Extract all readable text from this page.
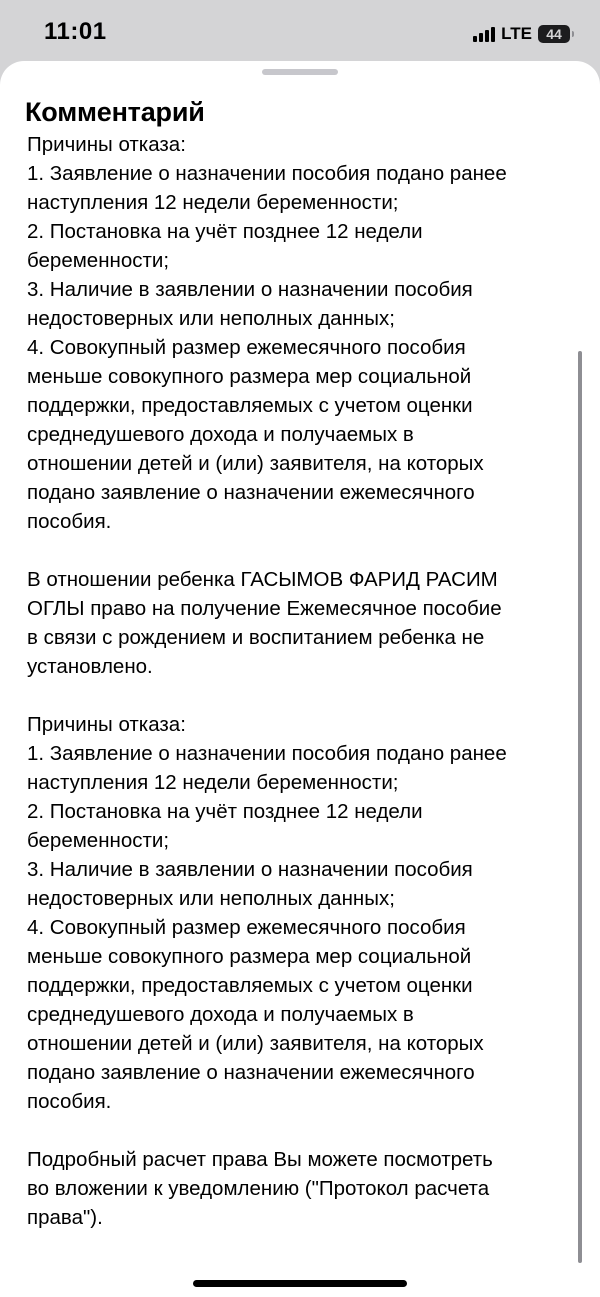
11:01	LTE 44
Комментарий

Причины отказа:
1. Заявление о назначении пособия подано ранее
наступления 12 недели беременности;
2. Постановка на учёт позднее 12 недели
беременности;
3. Наличие в заявлении о назначении пособия
недостоверных или неполных данных;
4. Совокупный размер ежемесячного пособия
меньше совокупного размера мер социальной
поддержки, предоставляемых с учетом оценки
среднедушевого дохода и получаемых в
отношении детей и (или) заявителя, на которых
подано заявление о назначении ежемесячного
пособия.

В отношении ребенка ГАСЫМОВ ФАРИД РАСИМ
ОГЛЫ право на получение Ежемесячное пособие
в связи с рождением и воспитанием ребенка не
установлено.

Причины отказа:
1. Заявление о назначении пособия подано ранее
наступления 12 недели беременности;
2. Постановка на учёт позднее 12 недели
беременности;
3. Наличие в заявлении о назначении пособия
недостоверных или неполных данных;
4. Совокупный размер ежемесячного пособия
меньше совокупного размера мер социальной
поддержки, предоставляемых с учетом оценки
среднедушевого дохода и получаемых в
отношении детей и (или) заявителя, на которых
подано заявление о назначении ежемесячного
пособия.

Подробный расчет права Вы можете посмотреть
во вложении к уведомлению ("Протокол расчета
права").
